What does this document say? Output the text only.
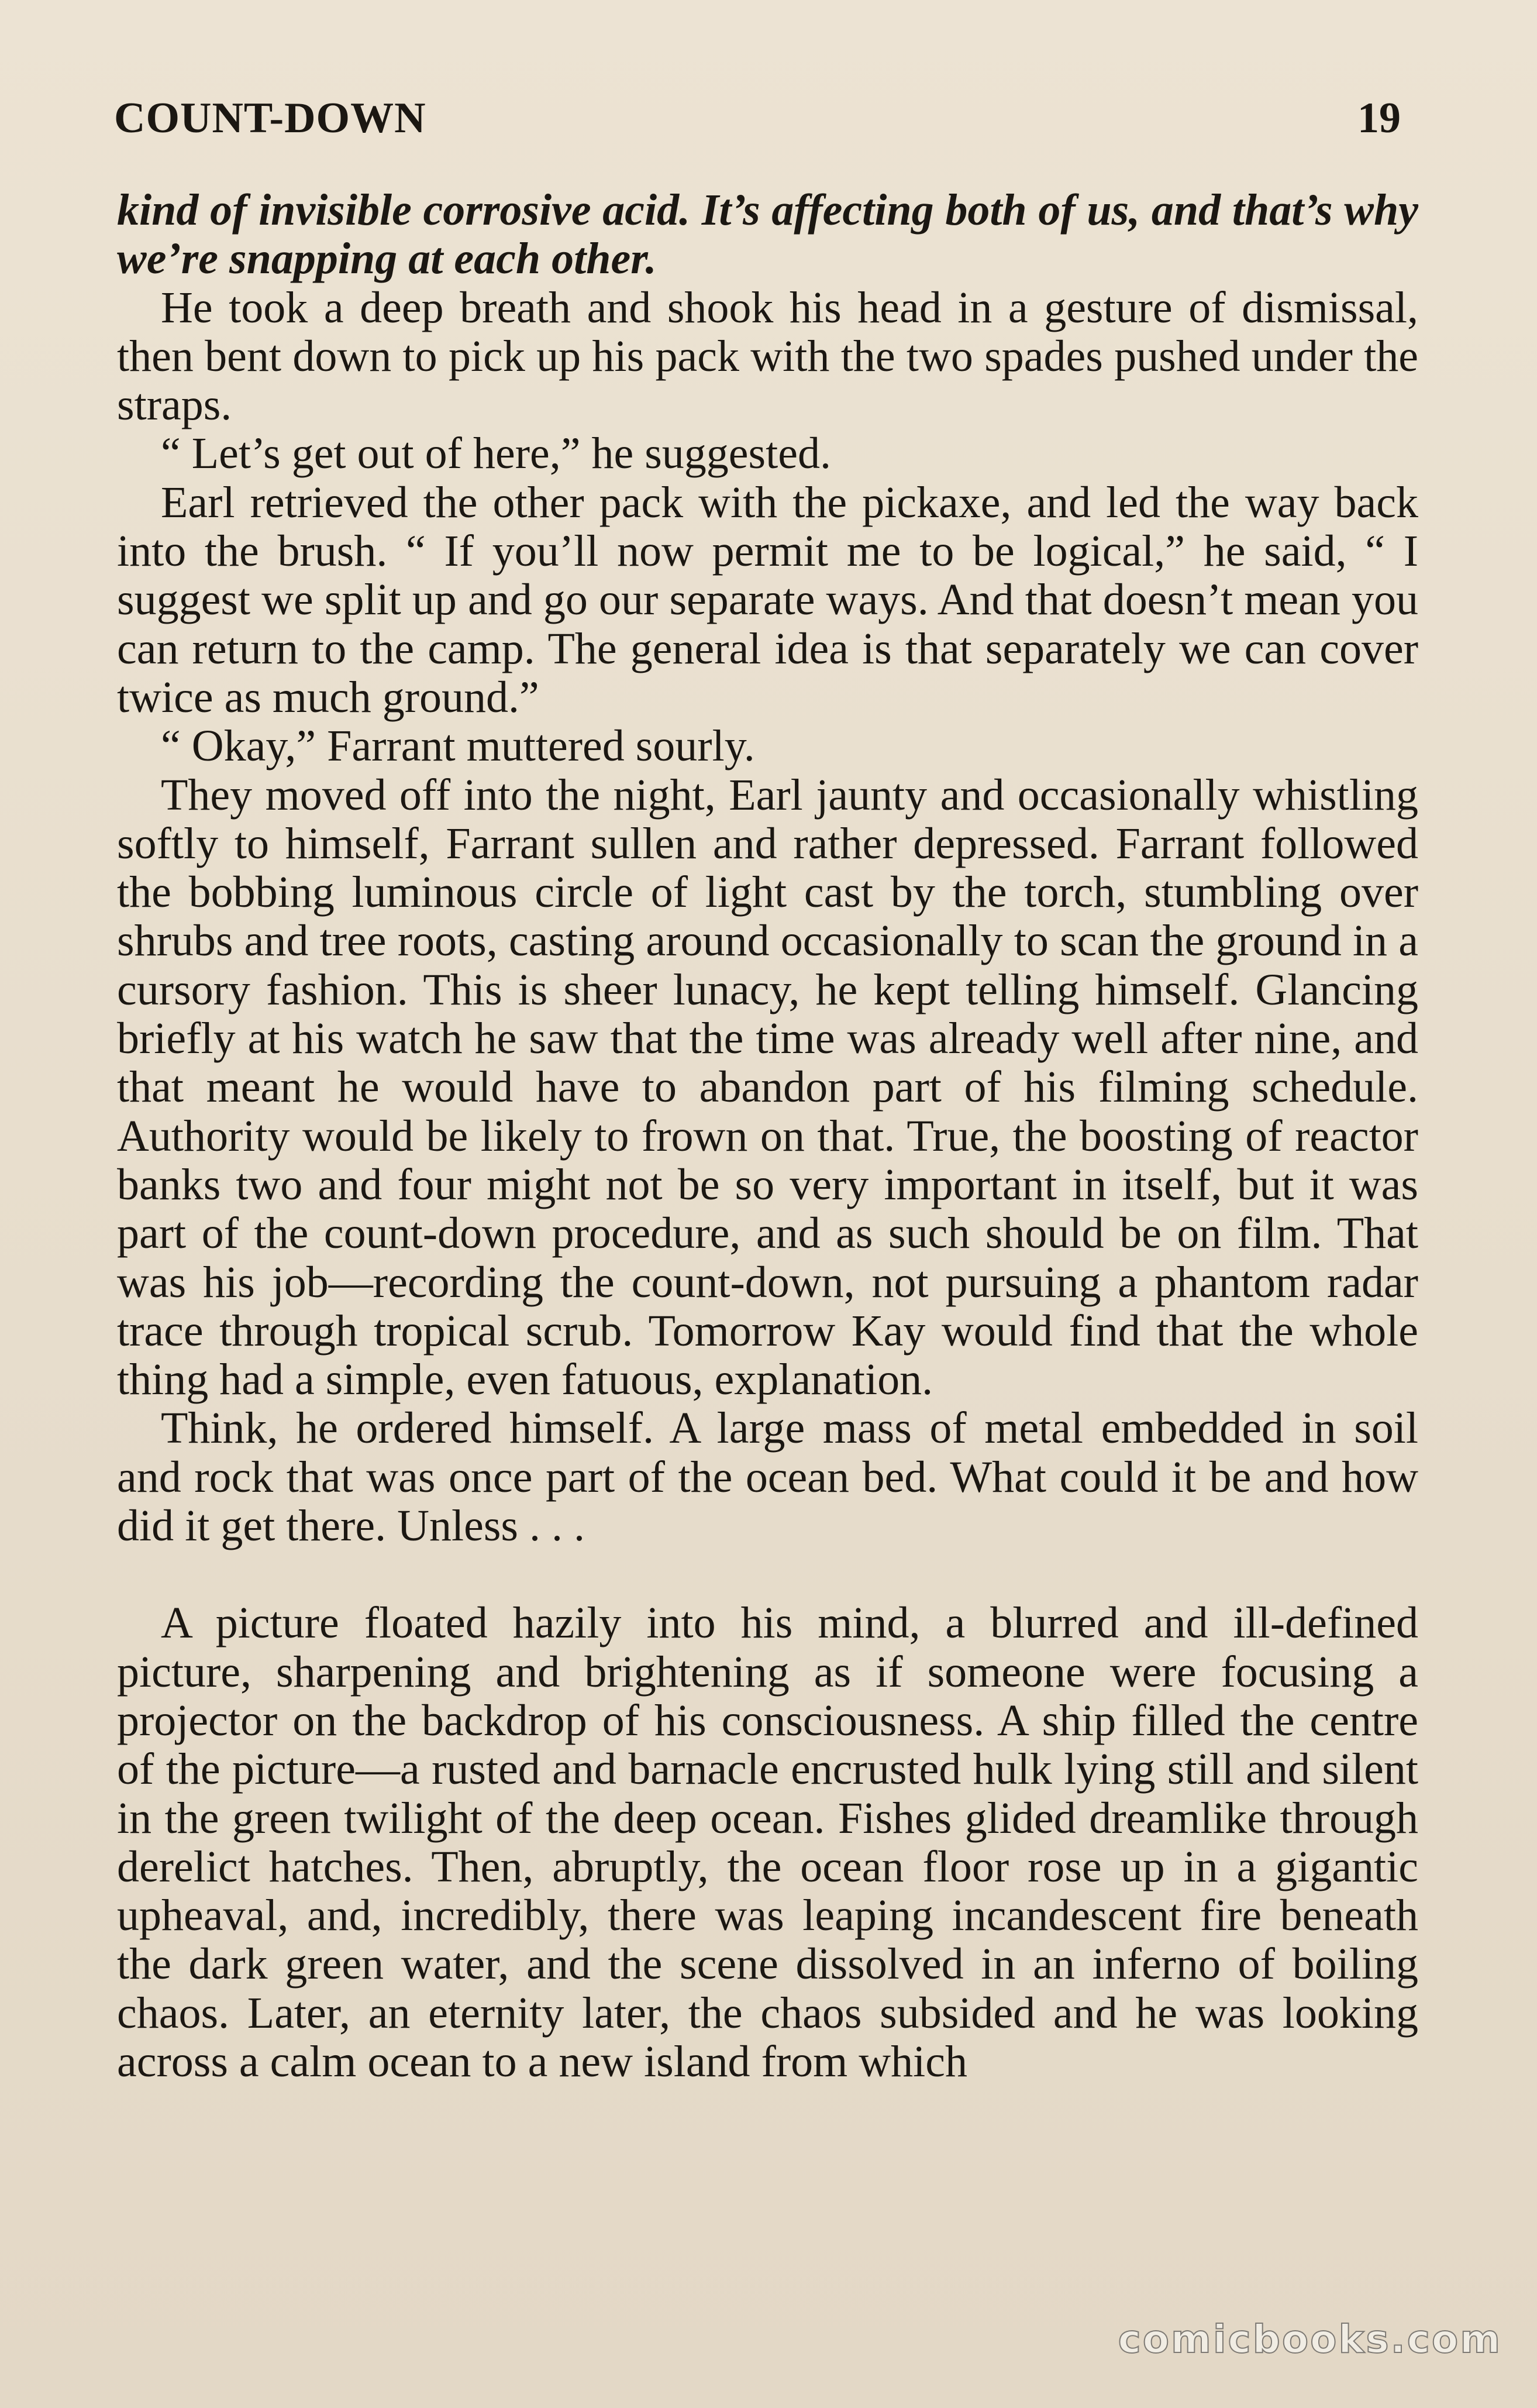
COUNT-DOWN	19

kind of invisible corrosive acid. It’s affecting both of us, and that’s why we’re snapping at each other.

He took a deep breath and shook his head in a gesture of dismissal, then bent down to pick up his pack with the two spades pushed under the straps.

“ Let’s get out of here,” he suggested.

Earl retrieved the other pack with the pickaxe, and led the way back into the brush. “ If you’ll now permit me to be logical,” he said, “ I suggest we split up and go our separate ways. And that doesn’t mean you can return to the camp. The general idea is that separately we can cover twice as much ground.”

“ Okay,” Farrant muttered sourly.

They moved off into the night, Earl jaunty and occasionally whistling softly to himself, Farrant sullen and rather depressed. Farrant followed the bobbing luminous circle of light cast by the torch, stumbling over shrubs and tree roots, casting around occasionally to scan the ground in a cursory fashion. This is sheer lunacy, he kept telling himself. Glancing briefly at his watch he saw that the time was already well after nine, and that meant he would have to abandon part of his filming schedule. Authority would be likely to frown on that. True, the boosting of reactor banks two and four might not be so very important in itself, but it was part of the count-down procedure, and as such should be on film. That was his job—recording the count-down, not pursuing a phantom radar trace through tropical scrub. Tomorrow Kay would find that the whole thing had a simple, even fatuous, explanation.

Think, he ordered himself. A large mass of metal embedded in soil and rock that was once part of the ocean bed. What could it be and how did it get there. Unless . . .

A picture floated hazily into his mind, a blurred and ill-defined picture, sharpening and brightening as if someone were focusing a projector on the backdrop of his consciousness. A ship filled the centre of the picture—a rusted and barnacle encrusted hulk lying still and silent in the green twilight of the deep ocean. Fishes glided dreamlike through derelict hatches. Then, abruptly, the ocean floor rose up in a gigantic upheaval, and, incredibly, there was leaping incandescent fire beneath the dark green water, and the scene dissolved in an inferno of boiling chaos. Later, an eternity later, the chaos subsided and he was looking across a calm ocean to a new island from which

comicbooks.com
